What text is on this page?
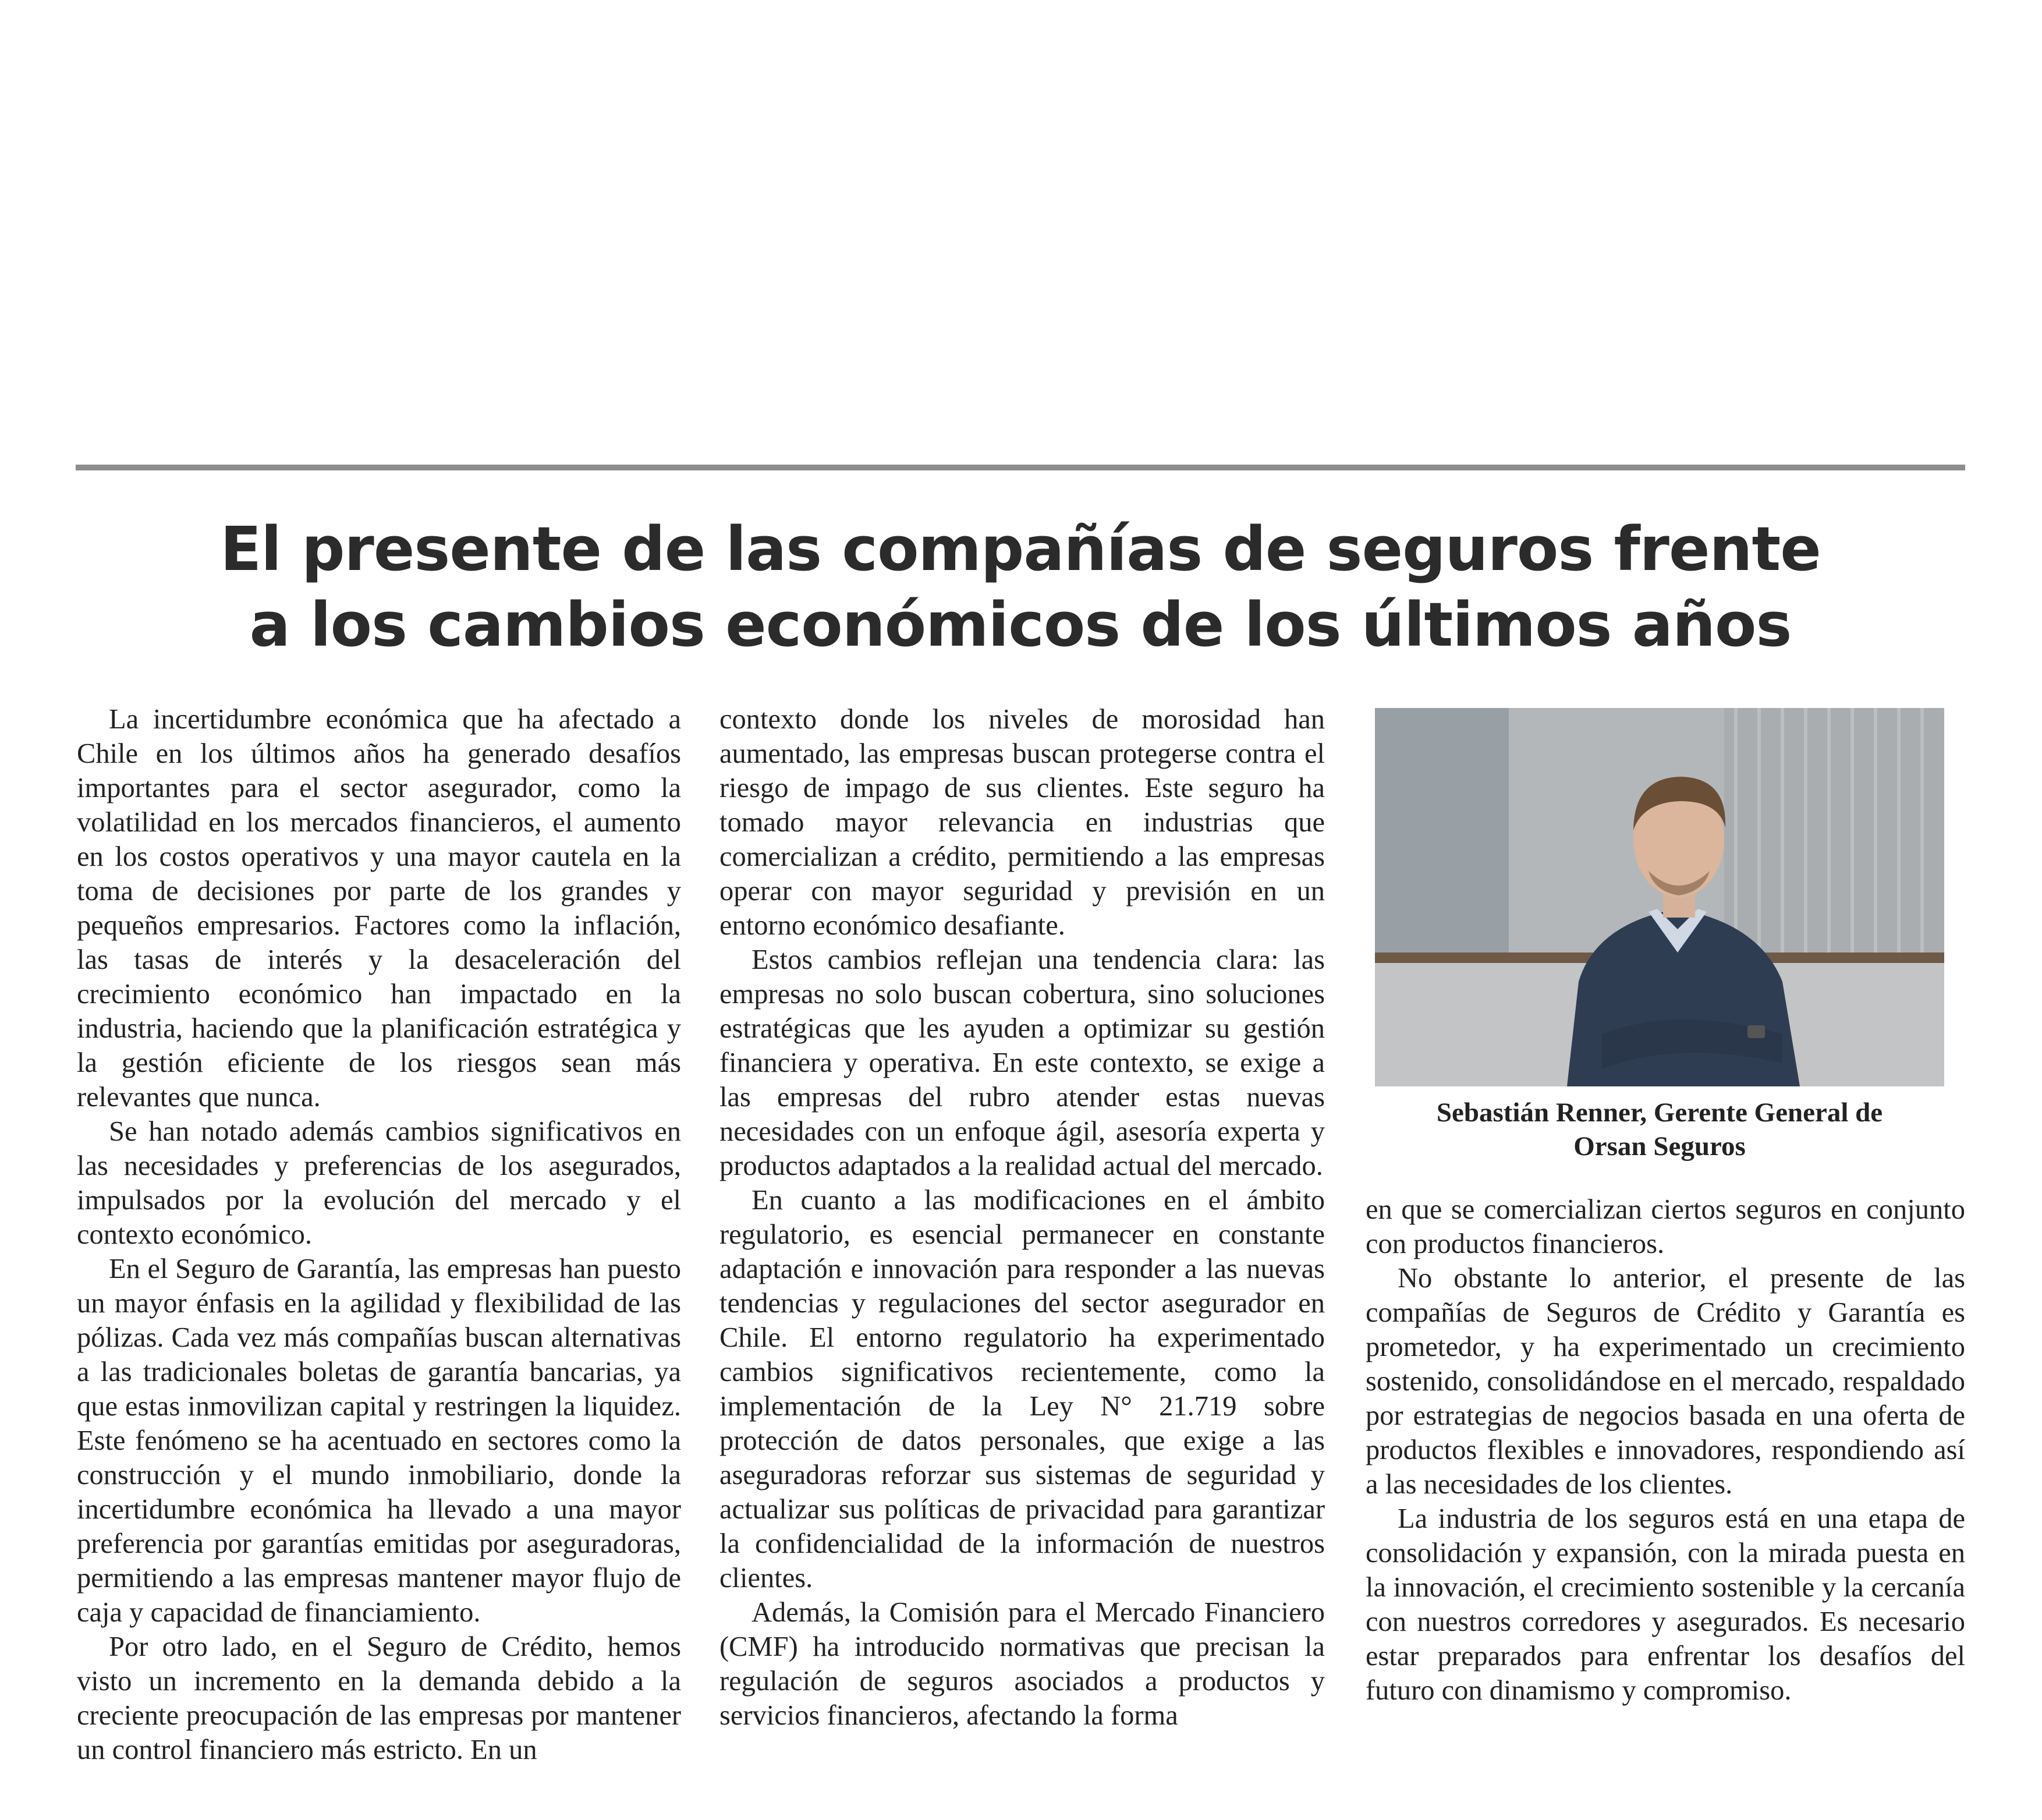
El presente de las compañías de seguros frente
a los cambios económicos de los últimos años

La incertidumbre económica que ha afectado a Chile en los últimos años ha generado desafíos importantes para el sector asegurador, como la volatilidad en los mercados financieros, el aumento en los costos operativos y una mayor cautela en la toma de decisiones por parte de los grandes y pequeños empresarios. Factores como la inflación, las tasas de interés y la desaceleración del crecimiento económico han impactado en la industria, haciendo que la planificación estratégica y la gestión eficiente de los riesgos sean más relevantes que nunca.

Se han notado además cambios significativos en las necesidades y preferencias de los asegurados, impulsados por la evolución del mercado y el contexto económico.

En el Seguro de Garantía, las empresas han puesto un mayor énfasis en la agilidad y flexibilidad de las pólizas. Cada vez más compañías buscan alternativas a las tradicionales boletas de garantía bancarias, ya que estas inmovilizan capital y restringen la liquidez. Este fenómeno se ha acentuado en sectores como la construcción y el mundo inmobiliario, donde la incertidumbre económica ha llevado a una mayor preferencia por garantías emitidas por aseguradoras, permitiendo a las empresas mantener mayor flujo de caja y capacidad de financiamiento.

Por otro lado, en el Seguro de Crédito, hemos visto un incremento en la demanda debido a la creciente preocupación de las empresas por mantener un control financiero más estricto. En un

contexto donde los niveles de morosidad han aumentado, las empresas buscan protegerse contra el riesgo de impago de sus clientes. Este seguro ha tomado mayor relevancia en industrias que comercializan a crédito, permitiendo a las empresas operar con mayor seguridad y previsión en un entorno económico desafiante.

Estos cambios reflejan una tendencia clara: las empresas no solo buscan cobertura, sino soluciones estratégicas que les ayuden a optimizar su gestión financiera y operativa. En este contexto, se exige a las empresas del rubro atender estas nuevas necesidades con un enfoque ágil, asesoría experta y productos adaptados a la realidad actual del mercado.

En cuanto a las modificaciones en el ámbito regulatorio, es esencial permanecer en constante adaptación e innovación para responder a las nuevas tendencias y regulaciones del sector asegurador en Chile. El entorno regulatorio ha experimentado cambios significativos recientemente, como la implementación de la Ley N° 21.719 sobre protección de datos personales, que exige a las aseguradoras reforzar sus sistemas de seguridad y actualizar sus políticas de privacidad para garantizar la confidencialidad de la información de nuestros clientes.

Además, la Comisión para el Mercado Financiero (CMF) ha introducido normativas que precisan la regulación de seguros asociados a productos y servicios financieros, afectando la forma

Sebastián Renner, Gerente General de
Orsan Seguros

en que se comercializan ciertos seguros en conjunto con productos financieros.

No obstante lo anterior, el presente de las compañías de Seguros de Crédito y Garantía es prometedor, y ha experimentado un crecimiento sostenido, consolidándose en el mercado, respaldado por estrategias de negocios basada en una oferta de productos flexibles e innovadores, respondiendo así a las necesidades de los clientes.

La industria de los seguros está en una etapa de consolidación y expansión, con la mirada puesta en la innovación, el crecimiento sostenible y la cercanía con nuestros corredores y asegurados. Es necesario estar preparados para enfrentar los desafíos del futuro con dinamismo y compromiso.
